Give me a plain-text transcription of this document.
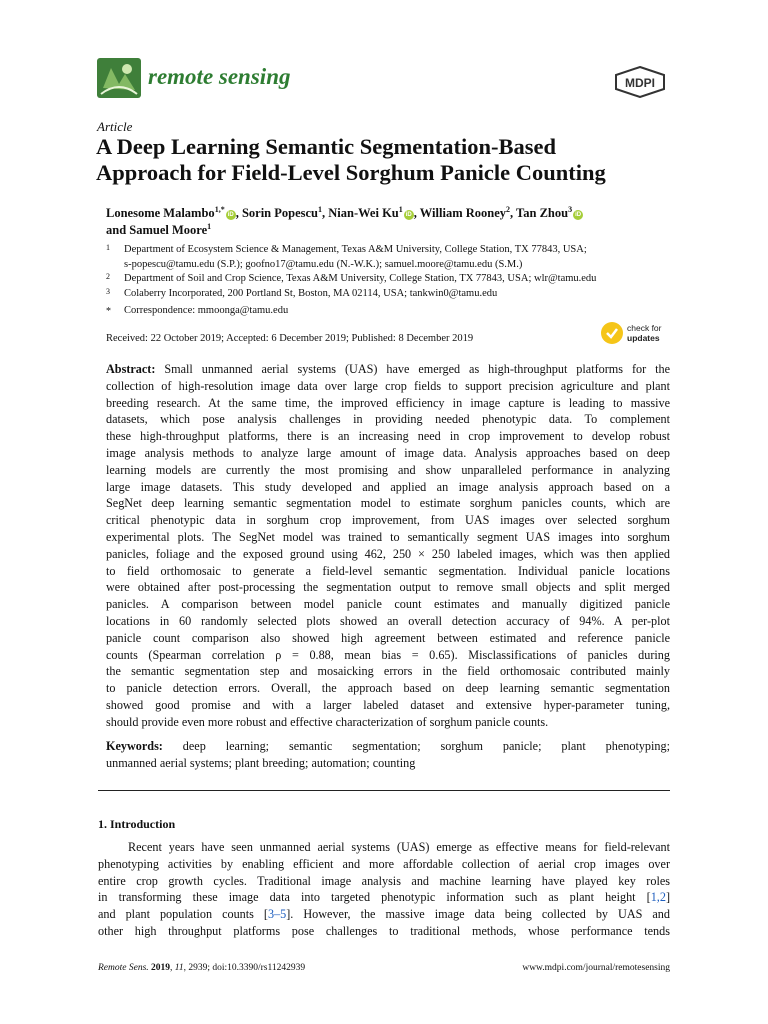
remote sensing	MDPI
Article
A Deep Learning Semantic Segmentation-Based
Approach for Field-Level Sorghum Panicle Counting
Lonesome Malambo$^{1,*}$iD , Sorin Popescu$^1$, Nian-Wei Ku$^1$iD , William Rooney$^2$, Tan Zhou$^3$iD
and Samuel Moore$^1$
1 Department of Ecosystem Science & Management, Texas A&M University, College Station, TX 77843, USA;
s-popescu@tamu.edu (S.P.); goofno17@tamu.edu (N.-W.K.); samuel.moore@tamu.edu (S.M.)
2 Department of Soil and Crop Science, Texas A&M University, College Station, TX 77843, USA; wlr@tamu.edu
3 Colaberry Incorporated, 200 Portland St, Boston, MA 02114, USA; tankwin0@tamu.edu
* Correspondence: mmoonga@tamu.edu
Received: 22 October 2019; Accepted: 6 December 2019; Published: 8 December 2019
check for
updates
Abstract: Small unmanned aerial systems (UAS) have emerged as high-throughput platforms for the
collection of high-resolution image data over large crop fields to support precision agriculture and plant
breeding research. At the same time, the improved efficiency in image capture is leading to massive
datasets, which pose analysis challenges in providing needed phenotypic data. To complement
these high-throughput platforms, there is an increasing need in crop improvement to develop robust
image analysis methods to analyze large amount of image data. Analysis approaches based on deep
learning models are currently the most promising and show unparalleled performance in analyzing
large image datasets. This study developed and applied an image analysis approach based on a
SegNet deep learning semantic segmentation model to estimate sorghum panicles counts, which are
critical phenotypic data in sorghum crop improvement, from UAS images over selected sorghum
experimental plots. The SegNet model was trained to semantically segment UAS images into sorghum
panicles, foliage and the exposed ground using 462, 250 × 250 labeled images, which was then applied
to field orthomosaic to generate a field-level semantic segmentation. Individual panicle locations
were obtained after post-processing the segmentation output to remove small objects and split merged
panicles. A comparison between model panicle count estimates and manually digitized panicle
locations in 60 randomly selected plots showed an overall detection accuracy of 94%. A per-plot
panicle count comparison also showed high agreement between estimated and reference panicle
counts (Spearman correlation ρ = 0.88, mean bias = 0.65). Misclassifications of panicles during
the semantic segmentation step and mosaicking errors in the field orthomosaic contributed mainly
to panicle detection errors. Overall, the approach based on deep learning semantic segmentation
showed good promise and with a larger labeled dataset and extensive hyper-parameter tuning,
should provide even more robust and effective characterization of sorghum panicle counts.
Keywords: deep learning; semantic segmentation; sorghum panicle; plant phenotyping;
unmanned aerial systems; plant breeding; automation; counting
1. Introduction
Recent years have seen unmanned aerial systems (UAS) emerge as effective means for field-relevant
phenotyping activities by enabling efficient and more affordable collection of aerial crop images over
entire crop growth cycles. Traditional image analysis and machine learning have played key roles
in transforming these image data into targeted phenotypic information such as plant height [1,2]
and plant population counts [3–5]. However, the massive image data being collected by UAS and
other high throughput platforms pose challenges to traditional methods, whose performance tends
Remote Sens. 2019, 11, 2939; doi:10.3390/rs11242939	www.mdpi.com/journal/remotesensing
